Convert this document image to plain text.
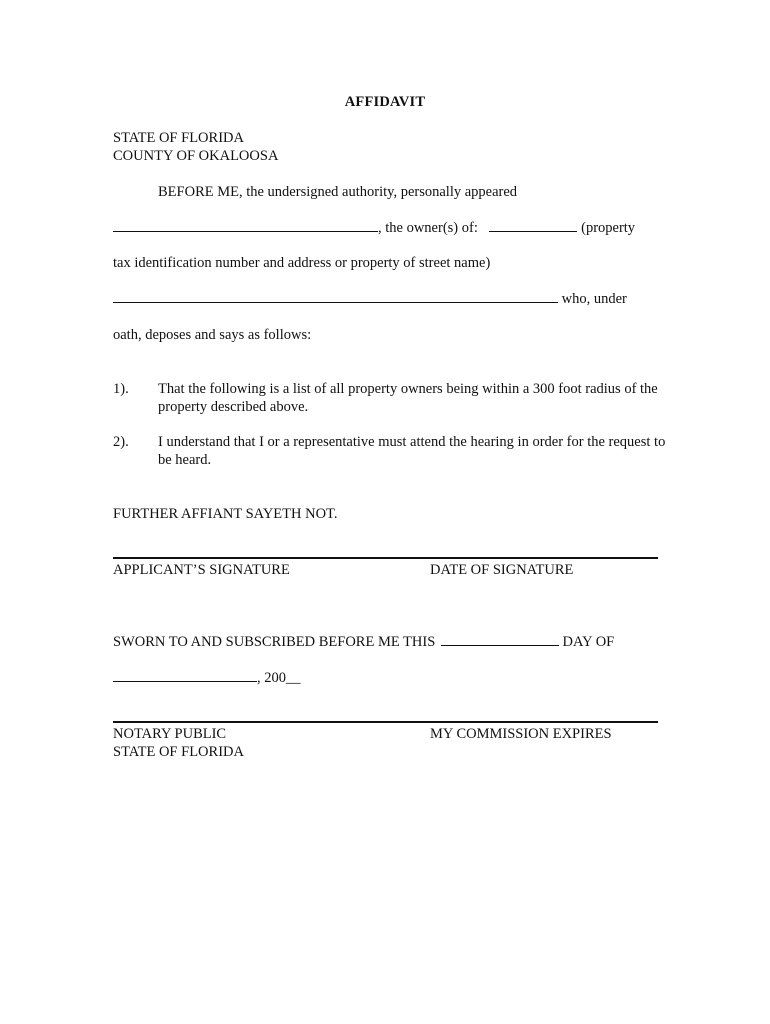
AFFIDAVIT
STATE OF FLORIDA
COUNTY OF OKALOOSA
BEFORE ME, the undersigned authority, personally appeared
, the owner(s) of:	(property
tax identification number and address or property of street name)
who, under
oath, deposes and says as follows:
1). That the following is a list of all property owners being within a 300 foot radius of the property described above.
2). I understand that I or a representative must attend the hearing in order for the request to be heard.
FURTHER AFFIANT SAYETH NOT.
APPLICANT’S SIGNATURE	DATE OF SIGNATURE
SWORN TO AND SUBSCRIBED BEFORE ME THIS	DAY OF
, 200__
NOTARY PUBLIC
STATE OF FLORIDA
MY COMMISSION EXPIRES
